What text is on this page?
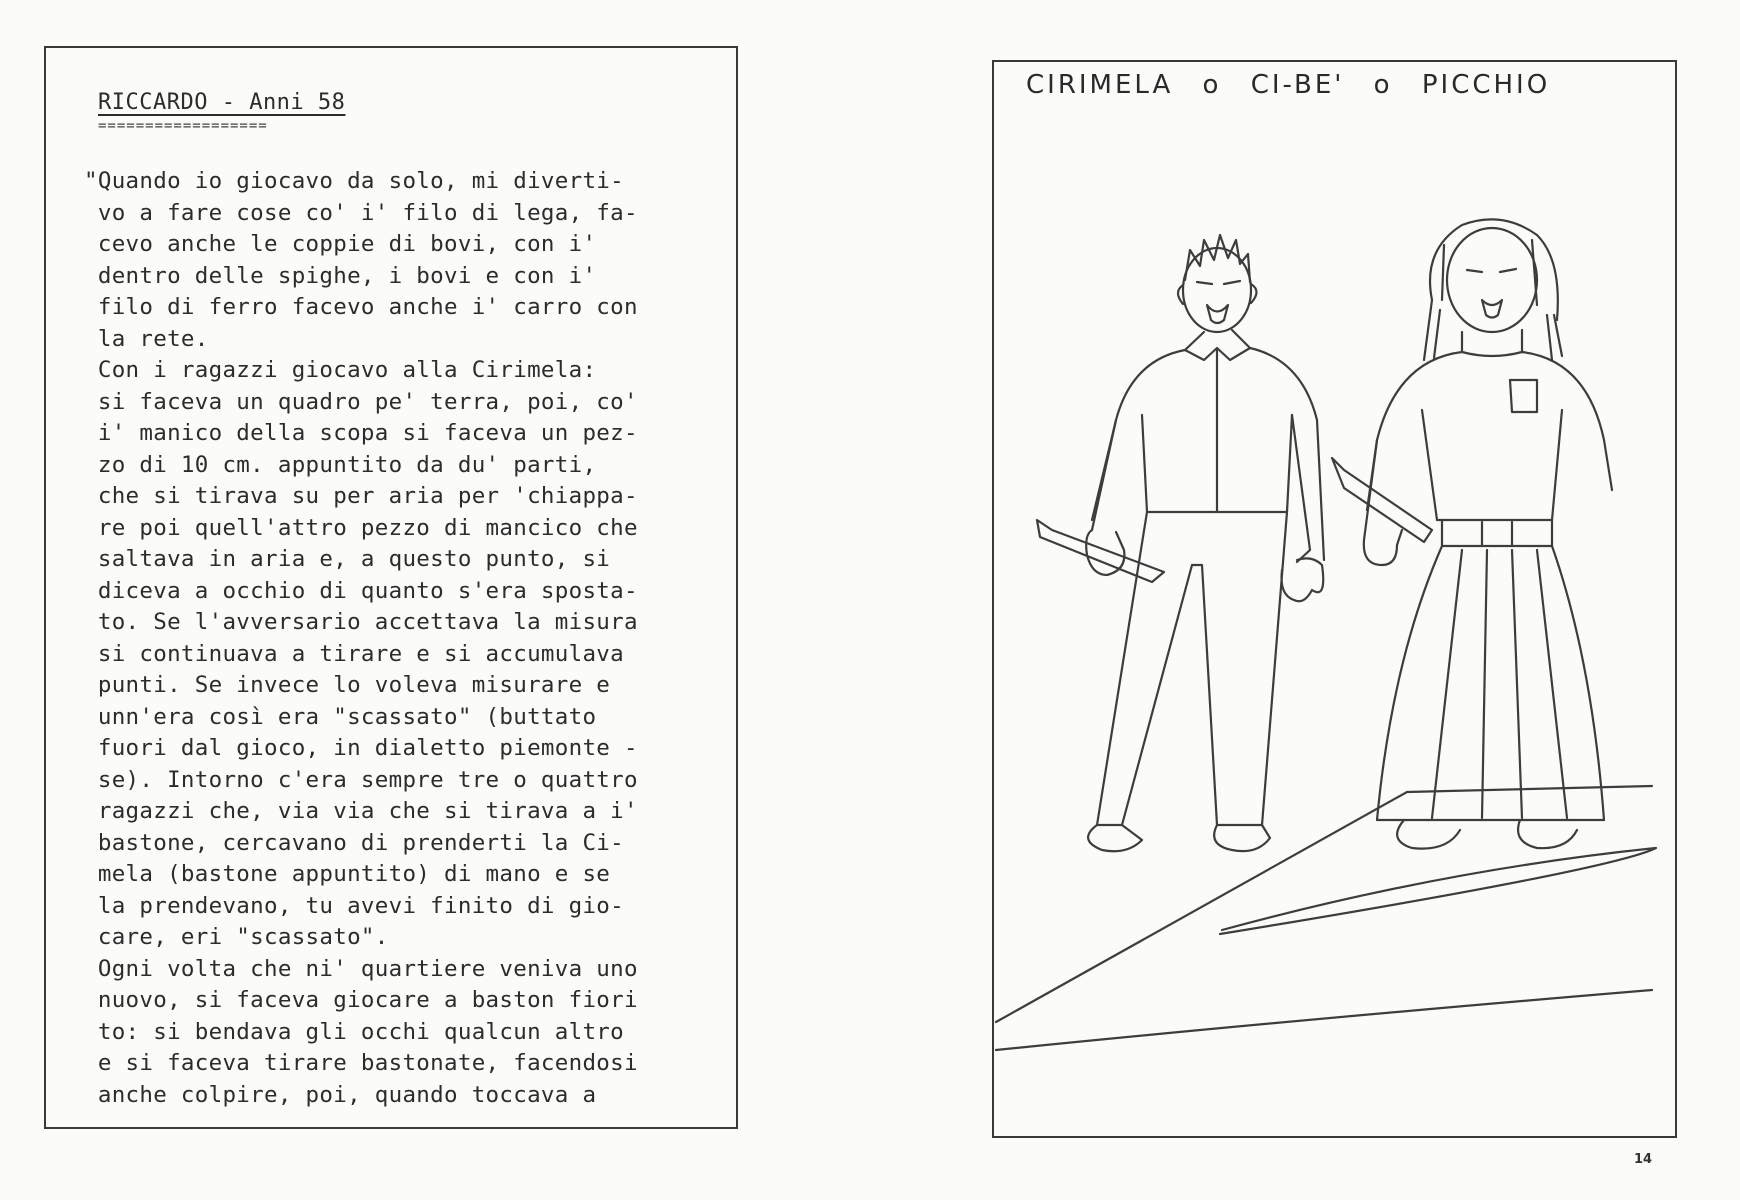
RICCARDO - Anni 58
==================
"Quando io giocavo da solo, mi diverti-
vo a fare cose co' i' filo di lega, fa-
cevo anche le coppie di bovi, con i'
dentro delle spighe, i bovi e con i'
filo di ferro facevo anche i' carro con
la rete.
Con i ragazzi giocavo alla Cirimela:
si faceva un quadro pe' terra, poi, co'
i' manico della scopa si faceva un pez-
zo di 10 cm. appuntito da du' parti,
che si tirava su per aria per 'chiappa-
re poi quell'attro pezzo di mancico che
saltava in aria e, a questo punto, si
diceva a occhio di quanto s'era sposta-
to. Se l'avversario accettava la misura
si continuava a tirare e si accumulava
punti. Se invece lo voleva misurare e
unn'era così era "scassato" (buttato
fuori dal gioco, in dialetto piemonte -
se). Intorno c'era sempre tre o quattro
ragazzi che, via via che si tirava a i'
bastone, cercavano di prenderti la Ci-
mela (bastone appuntito) di mano e se
la prendevano, tu avevi finito di gio-
care, eri "scassato".
Ogni volta che ni' quartiere veniva uno
nuovo, si faceva giocare a baston fiori
to: si bendava gli occhi qualcun altro
e si faceva tirare bastonate, facendosi
anche colpire, poi, quando toccava a
CIRIMELA o CI-BE' o PICCHIO
14
